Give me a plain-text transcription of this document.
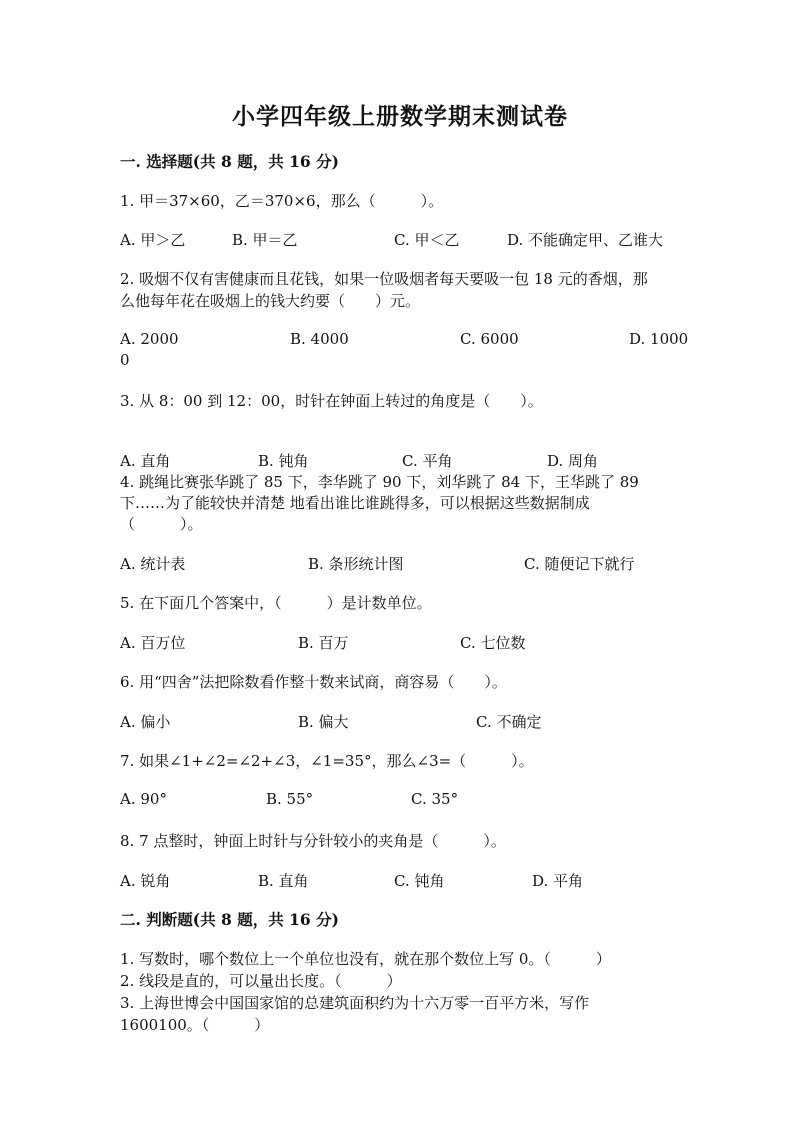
小学四年级上册数学期末测试卷
一. 选择题(共 8 题，共 16 分)
1. 甲＝37×60，乙＝370×6，那么（　　　）。
A. 甲＞乙	B. 甲＝乙	C. 甲＜乙	D. 不能确定甲、乙谁大
2. 吸烟不仅有害健康而且花钱，如果一位吸烟者每天要吸一包 18 元的香烟，那
么他每年花在吸烟上的钱大约要（　　）元。
A. 2000	B. 4000	C. 6000	D. 1000
0
3. 从 8：00 到 12：00，时针在钟面上转过的角度是（　　）。
A. 直角	B. 钝角	C. 平角	D. 周角
4. 跳绳比赛张华跳了 85 下，李华跳了 90 下，刘华跳了 84 下，王华跳了 89
下……为了能较快并清楚 地看出谁比谁跳得多，可以根据这些数据制成
（　　　）。
A. 统计表	B. 条形统计图	C. 随便记下就行
5. 在下面几个答案中，（　　　）是计数单位。
A. 百万位	B. 百万	C. 七位数
6. 用“四舍”法把除数看作整十数来试商，商容易（　　）。
A. 偏小	B. 偏大	C. 不确定
7. 如果∠1+∠2=∠2+∠3，∠1=35°，那么∠3=（　　　）。
A. 90°	B. 55°	C. 35°
8. 7 点整时，钟面上时针与分针较小的夹角是（　　　）。
A. 锐角	B. 直角	C. 钝角	D. 平角
二. 判断题(共 8 题，共 16 分)
1. 写数时，哪个数位上一个单位也没有，就在那个数位上写 0。（　　　）
2. 线段是直的，可以量出长度。（　　　）
3. 上海世博会中国国家馆的总建筑面积约为十六万零一百平方米，写作
1600100。（　　　）
